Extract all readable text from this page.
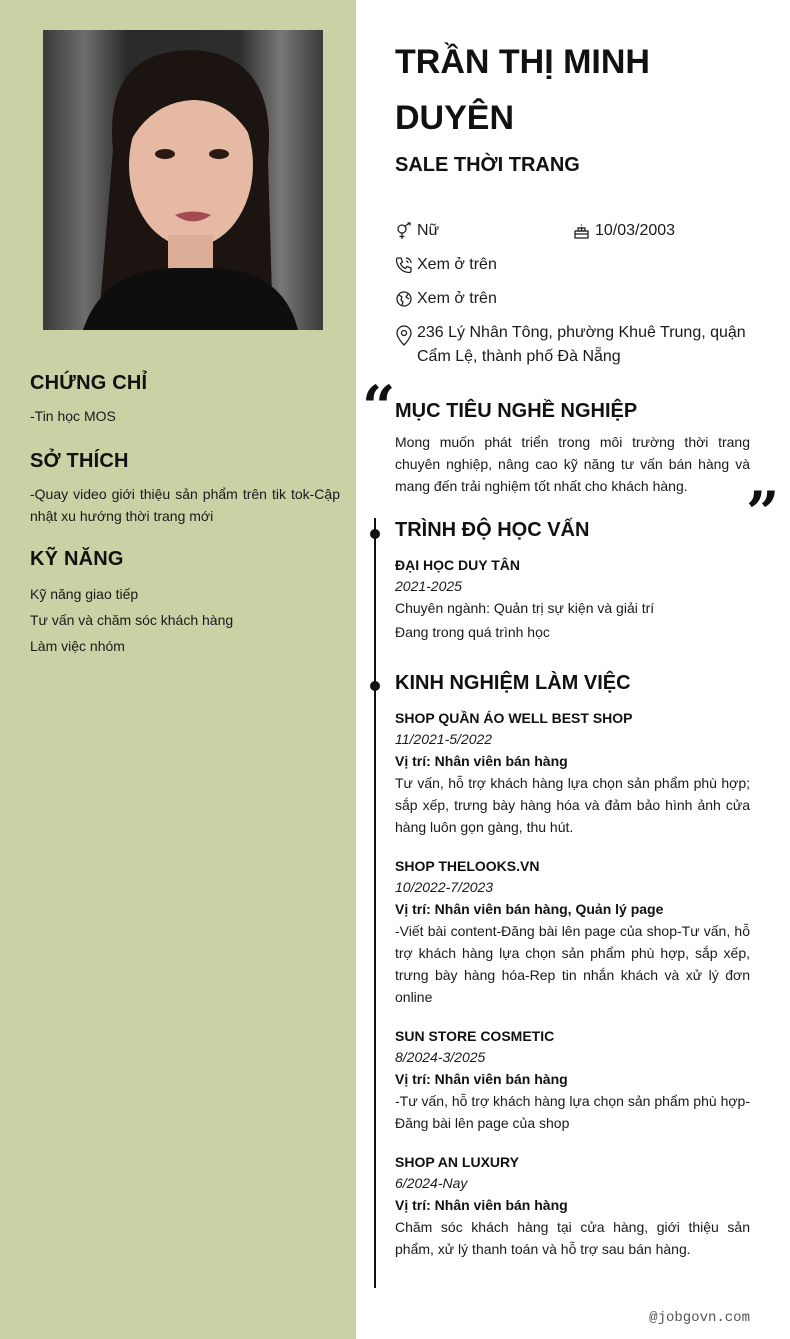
CHỨNG CHỈ
-Tin học MOS
SỞ THÍCH
-Quay video giới thiệu sản phẩm trên tik tok-Cập nhật xu hướng thời trang mới
KỸ NĂNG
Kỹ năng giao tiếp
Tư vấn và chăm sóc khách hàng
Làm việc nhóm
TRẦN THỊ MINH DUYÊN
SALE THỜI TRANG
Nữ	10/03/2003
Xem ở trên
Xem ở trên
236 Lý Nhân Tông, phường Khuê Trung, quận Cẩm Lệ, thành phố Đà Nẵng
“ MỤC TIÊU NGHỀ NGHIỆP
Mong muốn phát triển trong môi trường thời trang chuyên nghiệp, nâng cao kỹ năng tư vấn bán hàng và mang đến trải nghiệm tốt nhất cho khách hàng.	”
TRÌNH ĐỘ HỌC VẤN
ĐẠI HỌC DUY TÂN
2021-2025
Chuyên ngành: Quản trị sự kiện và giải trí
Đang trong quá trình học
KINH NGHIỆM LÀM VIỆC
SHOP QUẦN ÁO WELL BEST SHOP
11/2021-5/2022
Vị trí: Nhân viên bán hàng
Tư vấn, hỗ trợ khách hàng lựa chọn sản phẩm phù hợp; sắp xếp, trưng bày hàng hóa và đảm bảo hình ảnh cửa hàng luôn gọn gàng, thu hút.
SHOP THELOOKS.VN
10/2022-7/2023
Vị trí: Nhân viên bán hàng, Quản lý page
-Viết bài content-Đăng bài lên page của shop-Tư vấn, hỗ trợ khách hàng lựa chọn sản phẩm phù hợp, sắp xếp, trưng bày hàng hóa-Rep tin nhắn khách và xử lý đơn online
SUN STORE COSMETIC
8/2024-3/2025
Vị trí: Nhân viên bán hàng
-Tư vấn, hỗ trợ khách hàng lựa chọn sản phẩm phù hợp-Đăng bài lên page của shop
SHOP AN LUXURY
6/2024-Nay
Vị trí: Nhân viên bán hàng
Chăm sóc khách hàng tại cửa hàng, giới thiệu sản phẩm, xử lý thanh toán và hỗ trợ sau bán hàng.
@jobgovn.com
